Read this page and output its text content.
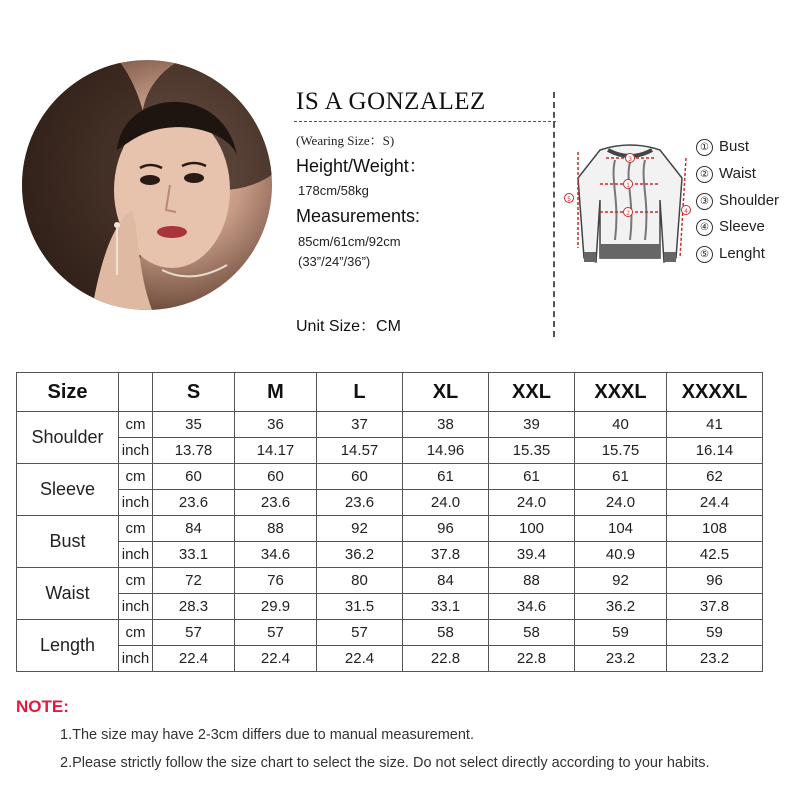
IS A GONZALEZ
(Wearing Size：S)
Height/Weight：
178cm/58kg
Measurements:
85cm/61cm/92cm
(33”/24”/36”)
Unit Size：CM
1
2
3
4
5
① Bust
② Waist
③ Shoulder
④ Sleeve
⑤ Lenght
Size		S	M	L	XL	XXL	XXXL	XXXXL
Shoulder	cm	35	36	37	38	39	40	41
	inch	13.78	14.17	14.57	14.96	15.35	15.75	16.14
Sleeve	cm	60	60	60	61	61	61	62
	inch	23.6	23.6	23.6	24.0	24.0	24.0	24.4
Bust	cm	84	88	92	96	100	104	108
	inch	33.1	34.6	36.2	37.8	39.4	40.9	42.5
Waist	cm	72	76	80	84	88	92	96
	inch	28.3	29.9	31.5	33.1	34.6	36.2	37.8
Length	cm	57	57	57	58	58	59	59
	inch	22.4	22.4	22.4	22.8	22.8	23.2	23.2
NOTE:
1.The size may have 2-3cm differs due to manual measurement.
2.Please strictly follow the size chart to select the size. Do not select directly according to your habits.
